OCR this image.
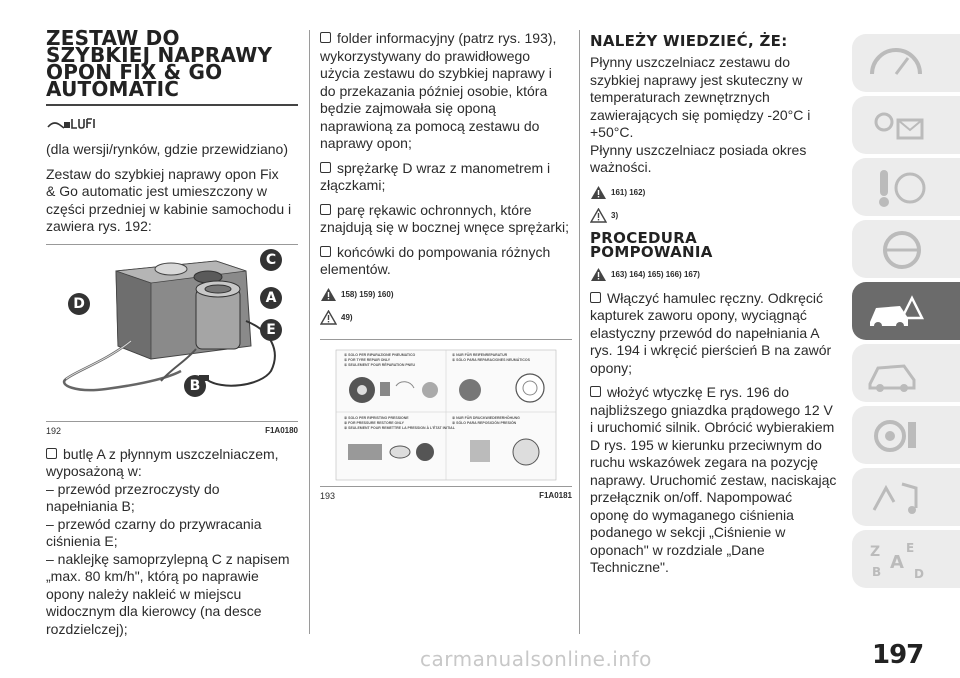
ZESTAW DO
SZYBKIEJ NAPRAWY
OPON FIX & GO
AUTOMATIC

(dla wersji/rynków, gdzie przewidziano)

Zestaw do szybkiej naprawy opon Fix
& Go automatic jest umieszczony w
części przedniej w kabinie samochodu i
zawiera rys. 192:

C
A
D
E
B
192	F1A0180

butlę A z płynnym uszczelniaczem,
wyposażoną w:
– przewód przezroczysty do
napełniania B;
– przewód czarny do przywracania
ciśnienia E;
– naklejkę samoprzylepną C z napisem
„max. 80 km/h", którą po naprawie
opony należy nakleić w miejscu
widocznym dla kierowcy (na desce
rozdzielczej);

folder informacyjny (patrz rys. 193),
wykorzystywany do prawidłowego
użycia zestawu do szybkiej naprawy i
do przekazania później osobie, która
będzie zajmowała się oponą
naprawioną za pomocą zestawu do
naprawy opon;

sprężarkę D wraz z manometrem i
złączkami;

parę rękawic ochronnych, które
znajdują się w bocznej wnęce sprężarki;

końcówki do pompowania różnych
elementów.

158) 159) 160)
49)
① SOLO PER RIPARAZIONE PNEUMATICO
① FOR TYRE REPAIR ONLY
① SEULEMENT POUR RÉPARATION PNEU
① NUR FÜR REIFENREPARATUR
① SÓLO PARA REPARACIONES NEUMÁTICOS
② SOLO PER RIPRISTINO PRESSIONE
② FOR PRESSURE RESTORE ONLY
② SEULEMENT POUR REMETTRE LA PRESSION À L'ÉTAT INITIAL
② NUR FÜR DRUCKWIEDERERHÖHUNG
② SÓLO PARA REPOSICIÓN PRESIÓN
193	F1A0181
NALEŻY WIEDZIEĆ, ŻE:

Płynny uszczelniacz zestawu do
szybkiej naprawy jest skuteczny w
temperaturach zewnętrznych
zawierających się pomiędzy -20°C i
+50°C.
Płynny uszczelniacz posiada okres
ważności.

161) 162)
3)
PROCEDURA
POMPOWANIA
163) 164) 165) 166) 167)

Włączyć hamulec ręczny. Odkręcić
kapturek zaworu opony, wyciągnąć
elastyczny przewód do napełniania A
rys. 194 i wkręcić pierścień B na zawór
opony;

włożyć wtyczkę E rys. 196 do
najbliższego gniazdka prądowego 12 V
i uruchomić silnik. Obrócić wybierakiem
D rys. 195 w kierunku przeciwnym do
ruchu wskazówek zegara na pozycję
naprawy. Uruchomić zestaw, naciskając
przełącznik on/off. Napompować
oponę do wymaganego ciśnienia
podanego w sekcji „Ciśnienie w
oponach" w rozdziale „Dane
Techniczne".

Z E
A
B	D
carmanualsonline.info	197
